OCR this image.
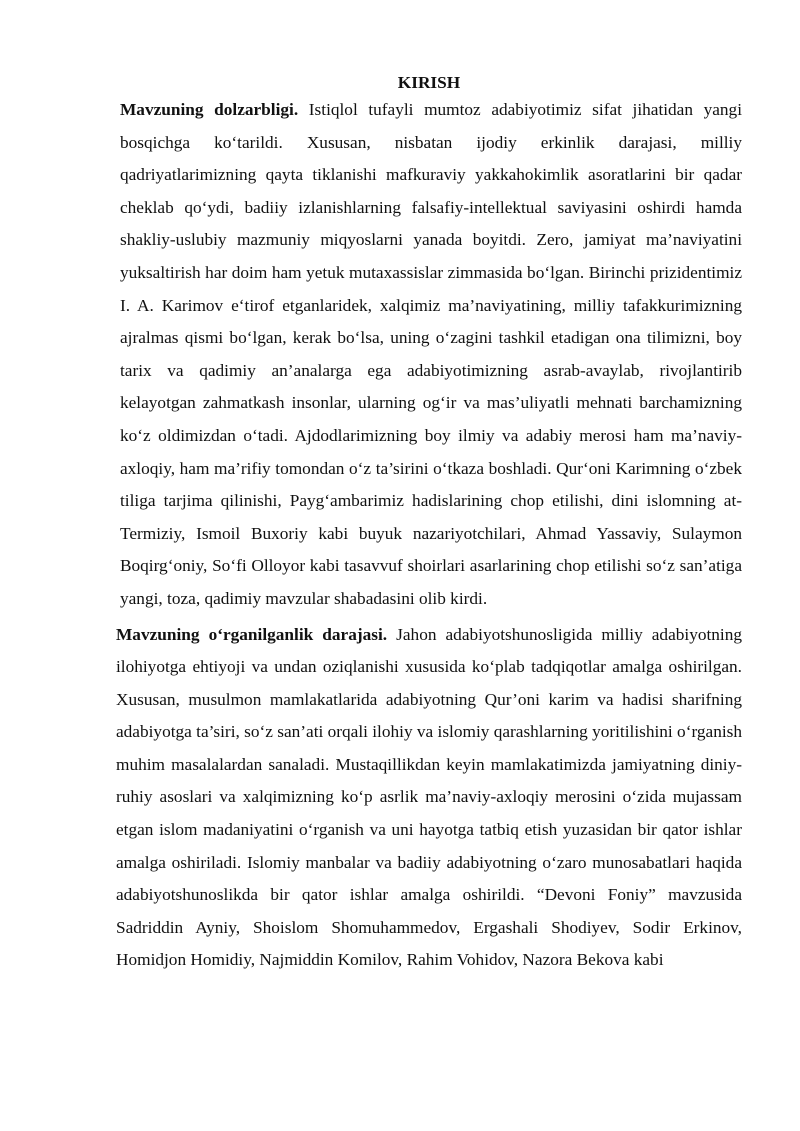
KIRISH

Mavzuning dolzarbligi. Istiqlol tufayli mumtoz adabiyotimiz sifat jihatidan yangi bosqichga ko‘tarildi. Xususan, nisbatan ijodiy erkinlik darajasi, milliy qadriyatlarimizning qayta tiklanishi mafkuraviy yakkahokimlik asoratlarini bir qadar cheklab qo‘ydi, badiiy izlanishlarning falsafiy-intellektual saviyasini oshirdi hamda shakliy-uslubiy mazmuniy miqyoslarni yanada boyitdi. Zero, jamiyat ma’naviyatini yuksaltirish har doim ham yetuk mutaxassislar zimmasida bo‘lgan. Birinchi prizidentimiz I. A. Karimov e‘tirof etganlaridek, xalqimiz ma’naviyatining, milliy tafakkurimizning ajralmas qismi bo‘lgan, kerak bo‘lsa, uning o‘zagini tashkil etadigan ona tilimizni, boy tarix va qadimiy an’analarga ega adabiyotimizning asrab-avaylab, rivojlantirib kelayotgan zahmatkash insonlar, ularning og‘ir va mas’uliyatli mehnati barchamizning ko‘z oldimizdan o‘tadi. Ajdodlarimizning boy ilmiy va adabiy merosi ham ma’naviy-axloqiy, ham ma’rifiy tomondan o‘z ta’sirini o‘tkaza boshladi. Qur‘oni Karimning o‘zbek tiliga tarjima qilinishi, Payg‘ambarimiz hadislarining chop etilishi, dini islomning at-Termiziy, Ismoil Buxoriy kabi buyuk nazariyotchilari, Ahmad Yassaviy, Sulaymon Boqirg‘oniy, So‘fi Olloyor kabi tasavvuf shoirlari asarlarining chop etilishi so‘z san’atiga yangi, toza, qadimiy mavzular shabadasini olib kirdi.

Mavzuning o‘rganilganlik darajasi. Jahon adabiyotshunosligida milliy adabiyotning ilohiyotga ehtiyoji va undan oziqlanishi xususida ko‘plab tadqiqotlar amalga oshirilgan. Xususan, musulmon mamlakatlarida adabiyotning Qur’oni karim va hadisi sharifning adabiyotga ta’siri, so‘z san’ati orqali ilohiy va islomiy qarashlarning yoritilishini o‘rganish muhim masalalardan sanaladi. Mustaqillikdan keyin mamlakatimizda jamiyatning diniy-ruhiy asoslari va xalqimizning ko‘p asrlik ma’naviy-axloqiy merosini o‘zida mujassam etgan islom madaniyatini o‘rganish va uni hayotga tatbiq etish yuzasidan bir qator ishlar amalga oshiriladi. Islomiy manbalar va badiiy adabiyotning o‘zaro munosabatlari haqida adabiyotshunoslikda bir qator ishlar amalga oshirildi. “Devoni Foniy” mavzusida Sadriddin Ayniy, Shoislom Shomuhammedov, Ergashali Shodiyev, Sodir Erkinov, Homidjon Homidiy, Najmiddin Komilov, Rahim Vohidov, Nazora Bekova kabi
